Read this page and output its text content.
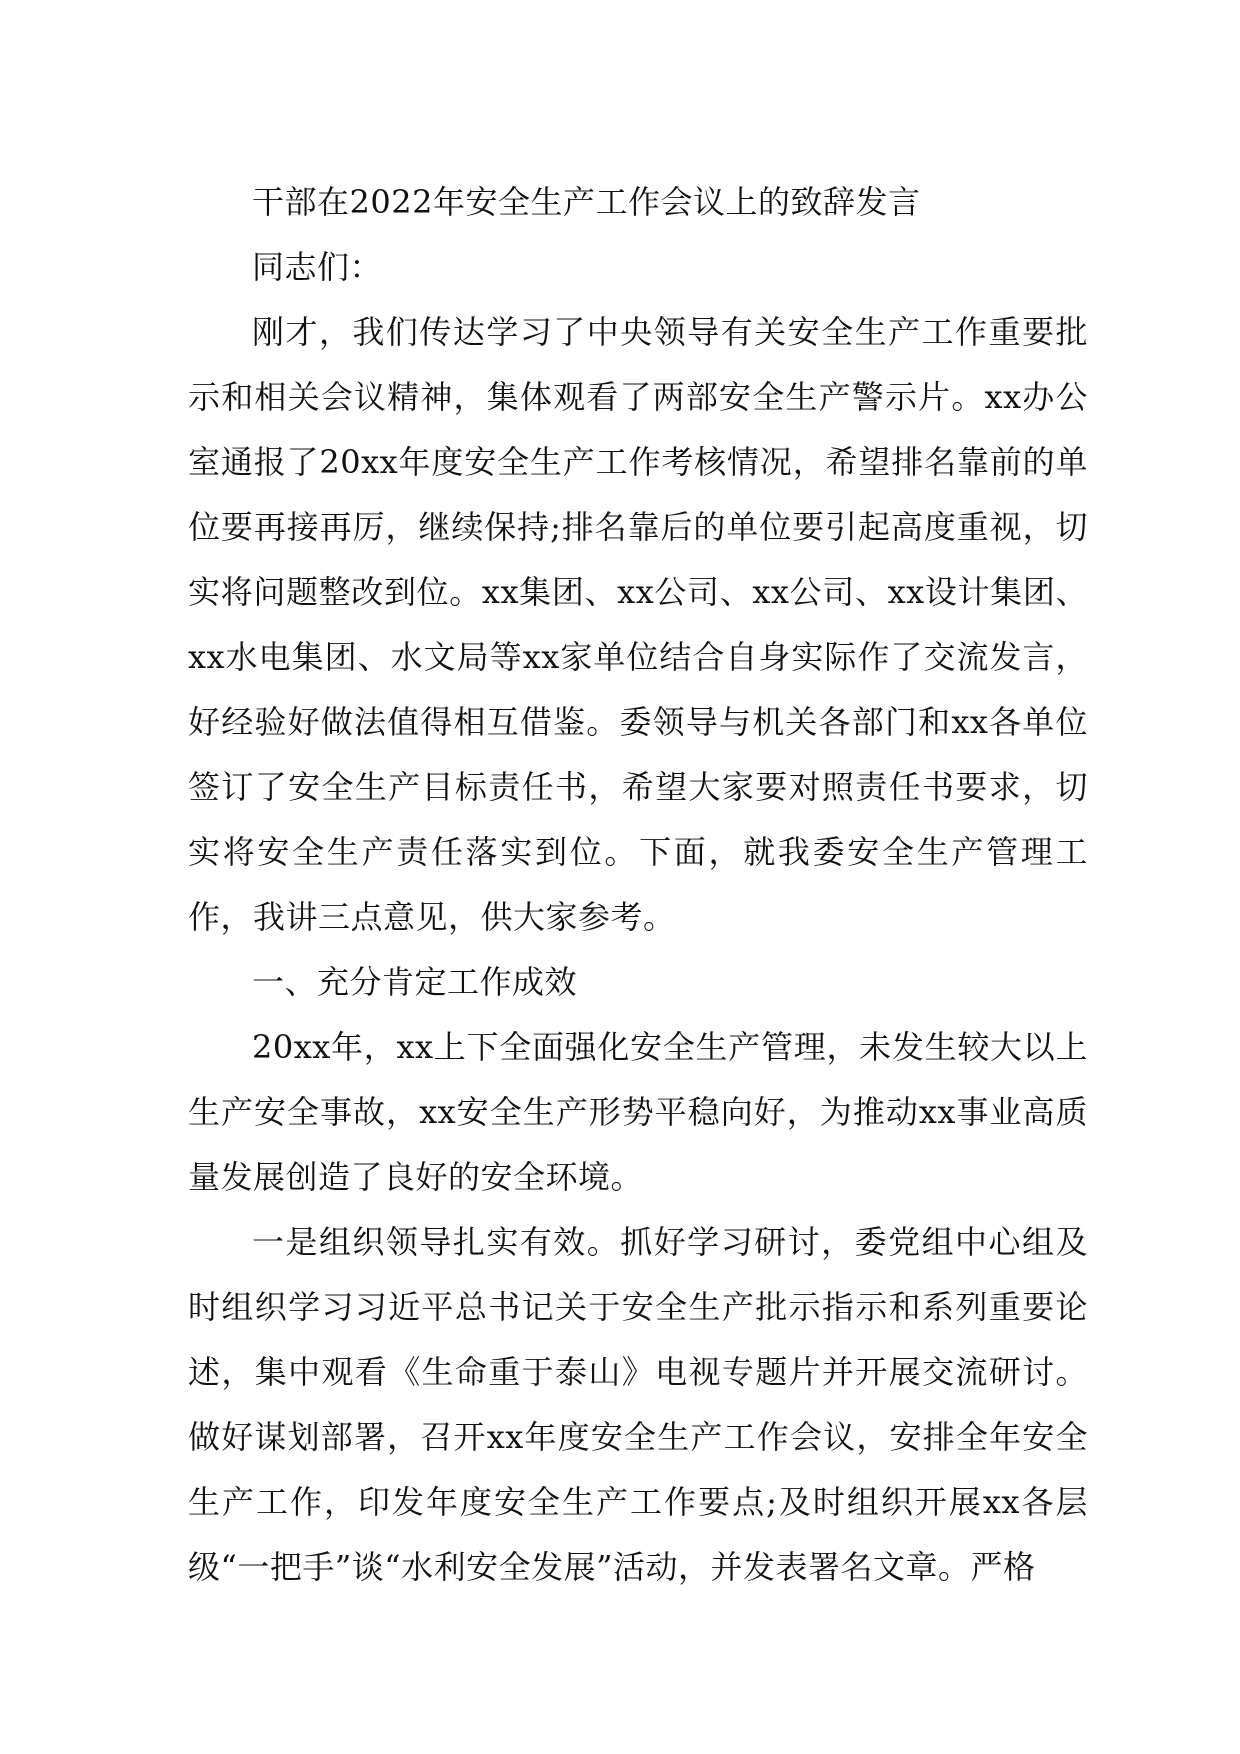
干部在2022年安全生产工作会议上的致辞发言

同志们：

刚才，我们传达学习了中央领导有关安全生产工作重要批示和相关会议精神，集体观看了两部安全生产警示片。xx办公室通报了20xx年度安全生产工作考核情况，希望排名靠前的单位要再接再厉，继续保持;排名靠后的单位要引起高度重视，切实将问题整改到位。xx集团、xx公司、xx公司、xx设计集团、xx水电集团、水文局等xx家单位结合自身实际作了交流发言，好经验好做法值得相互借鉴。委领导与机关各部门和xx各单位签订了安全生产目标责任书，希望大家要对照责任书要求，切实将安全生产责任落实到位。下面，就我委安全生产管理工作，我讲三点意见，供大家参考。

一、充分肯定工作成效

20xx年，xx上下全面强化安全生产管理，未发生较大以上生产安全事故，xx安全生产形势平稳向好，为推动xx事业高质量发展创造了良好的安全环境。

一是组织领导扎实有效。抓好学习研讨，委党组中心组及时组织学习习近平总书记关于安全生产批示指示和系列重要论述，集中观看《生命重于泰山》电视专题片并开展交流研讨。做好谋划部署，召开xx年度安全生产工作会议，安排全年安全生产工作，印发年度安全生产工作要点;及时组织开展xx各层级“一把手”谈“水利安全发展”活动，并发表署名文章。严格
